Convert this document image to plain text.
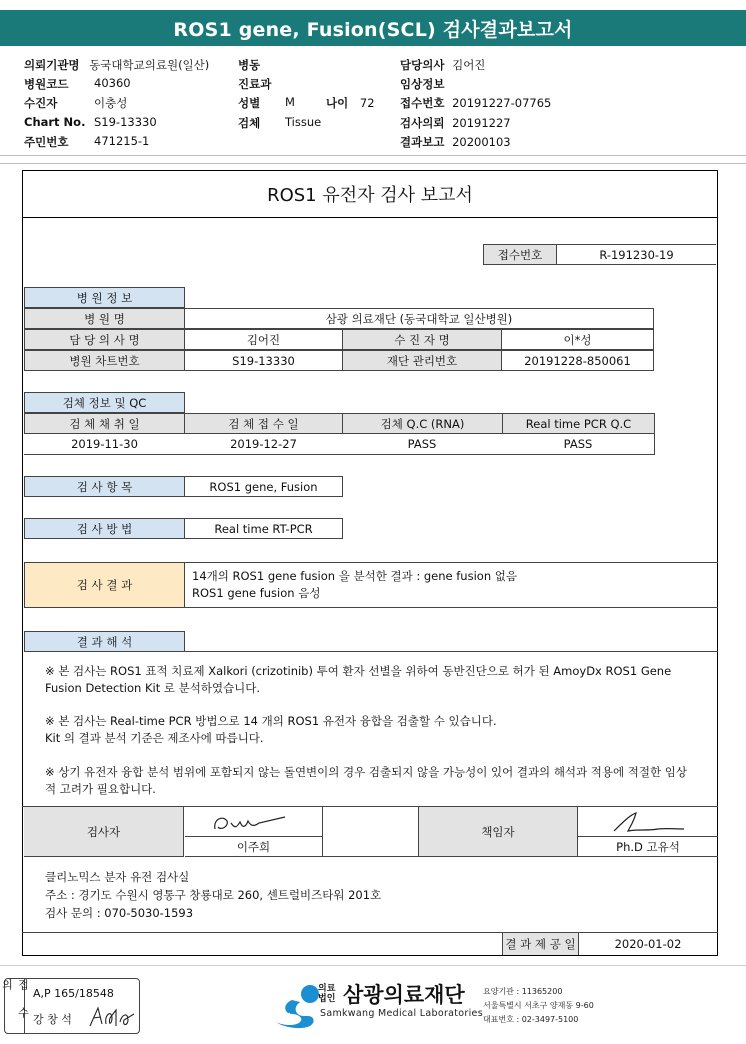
ROS1 gene, Fusion(SCL) 검사결과보고서
의뢰기관명 동국대학교의료원(일산)
병원코드 40360
수진자	이충성
Chart No. S19-13330
주민번호 471215-1
병동
진료과
성별 M	나이 72
검체 Tissue
담당의사 김어진
임상정보
접수번호 20191227-07765
검사의뢰 20191227
결과보고 20200103
ROS1 유전자 검사 보고서
접수번호	R-191230-19
병 원 정 보
병 원 명	삼광 의료재단 (동국대학교 일산병원)
담 당 의 사 명	김어진	수 진 자 명	이*성
병원 차트번호	S19-13330	재단 관리번호	20191228-850061
검체 정보 및 QC
검 체 채 취 일	검 체 접 수 일	검체 Q.C (RNA)	Real time PCR Q.C
2019-11-30	2019-12-27	PASS	PASS
검 사 항 목	ROS1 gene, Fusion
검 사 방 법	Real time RT-PCR
검 사 결 과
14개의 ROS1 gene fusion 을 분석한 결과 : gene fusion 없음
ROS1 gene fusion 음성
결 과 해 석
※ 본 검사는 ROS1 표적 치료제 Xalkori (crizotinib) 투여 환자 선별을 위하여 동반진단으로 허가 된 AmoyDx ROS1 Gene
Fusion Detection Kit 로 분석하였습니다.
※ 본 검사는 Real-time PCR 방법으로 14 개의 ROS1 유전자 융합을 검출할 수 있습니다.
Kit 의 결과 분석 기준은 제조사에 따릅니다.
※ 상기 유전자 융합 분석 범위에 포함되지 않는 돌연변이의 경우 검출되지 않을 가능성이 있어 결과의 해석과 적용에 적절한 임상
적 고려가 필요합니다.
검사자
이주희
책임자
Ph.D 고유석
클리노믹스 분자 유전 검사실
주소 : 경기도 수원시 영통구 창룡대로 260, 센트럴비즈타워 201호
검사 문의 : 070-5030-1593
결 과 제 공 일	2020-01-02
접 수 의
A,P 165/18548
강 창 석	SML
의료
법인 삼광의료재단
Samkwang Medical Laboratories
요양기관 : 11365200
서울특별시 서초구 양재동 9-60
대표번호 : 02-3497-5100
